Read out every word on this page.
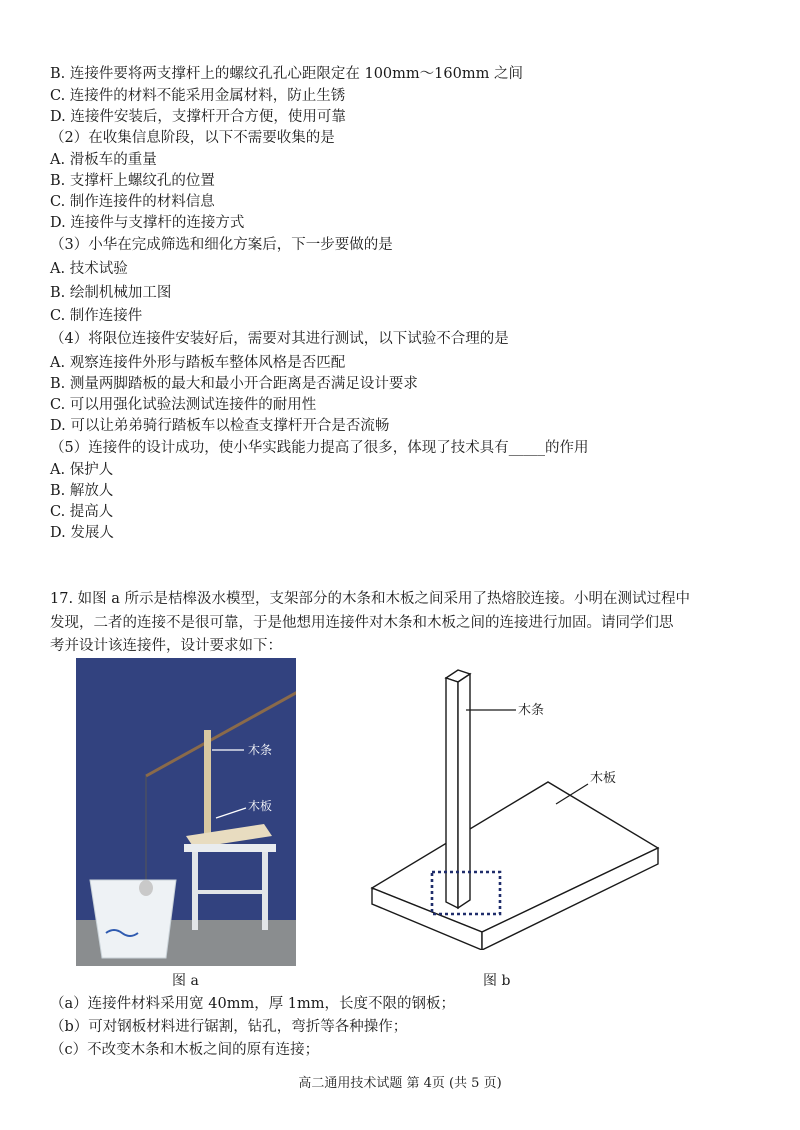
B. 连接件要将两支撑杆上的螺纹孔孔心距限定在 100mm～160mm 之间
C. 连接件的材料不能采用金属材料，防止生锈
D. 连接件安装后，支撑杆开合方便，使用可靠
（2）在收集信息阶段，以下不需要收集的是
A. 滑板车的重量
B. 支撑杆上螺纹孔的位置
C. 制作连接件的材料信息
D. 连接件与支撑杆的连接方式
（3）小华在完成筛选和细化方案后，下一步要做的是
A. 技术试验
B. 绘制机械加工图
C. 制作连接件
（4）将限位连接件安装好后，需要对其进行测试，以下试验不合理的是
A. 观察连接件外形与踏板车整体风格是否匹配
B. 测量两脚踏板的最大和最小开合距离是否满足设计要求
C. 可以用强化试验法测试连接件的耐用性
D. 可以让弟弟骑行踏板车以检查支撑杆开合是否流畅
（5）连接件的设计成功，使小华实践能力提高了很多，体现了技术具有_____的作用
A. 保护人
B. 解放人
C. 提高人
D. 发展人
17. 如图 a 所示是桔槔汲水模型，支架部分的木条和木板之间采用了热熔胶连接。小明在测试过程中
发现，二者的连接不是很可靠，于是他想用连接件对木条和木板之间的连接进行加固。请同学们思
考并设计该连接件，设计要求如下：
木条
木板
图 a
木条
木板
图 b
（a）连接件材料采用宽 40mm，厚 1mm，长度不限的钢板；
（b）可对钢板材料进行锯割，钻孔，弯折等各种操作；
（c）不改变木条和木板之间的原有连接；
高二通用技术试题 第 4页 (共 5 页)
